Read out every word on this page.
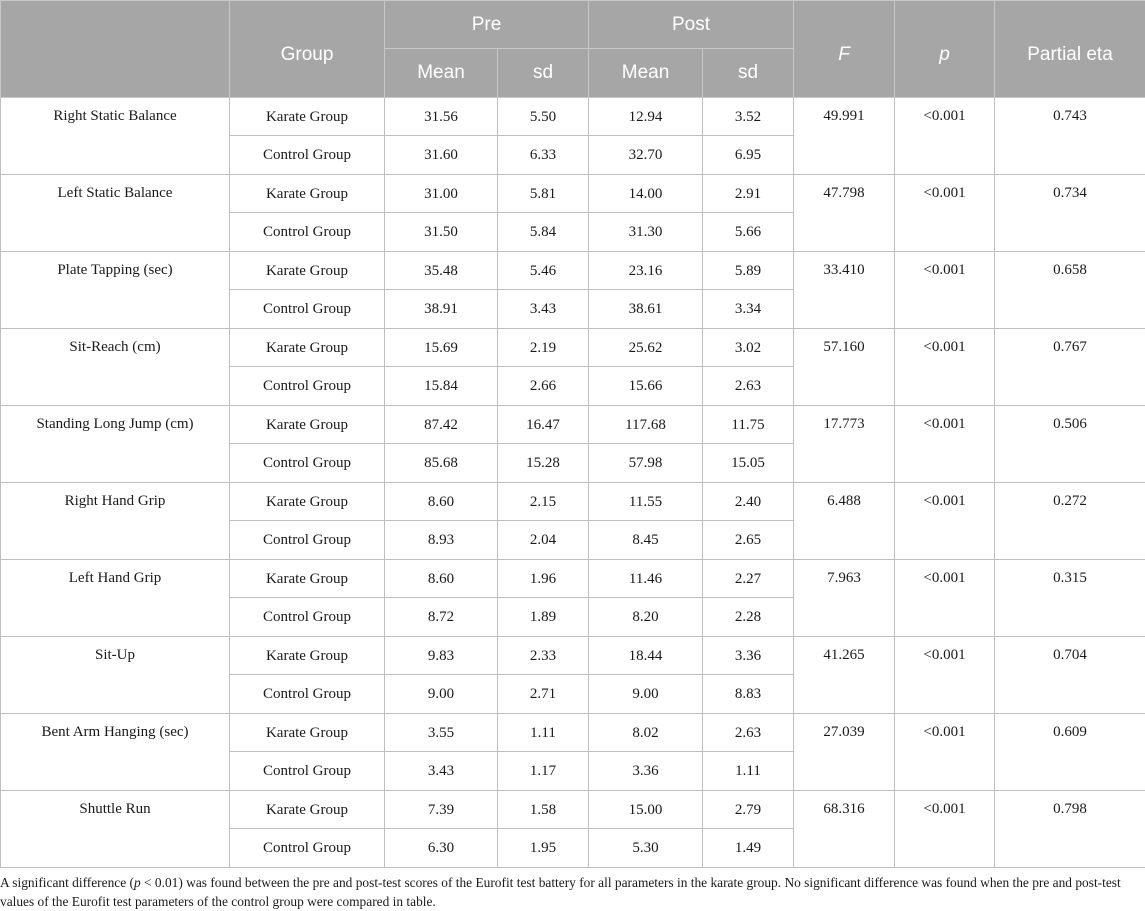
	Group	Pre		Post		F	p	Partial eta
		Mean	sd	Mean	sd			
Right Static Balance	Karate Group	31.56	5.50	12.94	3.52	49.991	<0.001	0.743
	Control Group	31.60	6.33	32.70	6.95			
Left Static Balance	Karate Group	31.00	5.81	14.00	2.91	47.798	<0.001	0.734
	Control Group	31.50	5.84	31.30	5.66			
Plate Tapping (sec)	Karate Group	35.48	5.46	23.16	5.89	33.410	<0.001	0.658
	Control Group	38.91	3.43	38.61	3.34			
Sit-Reach (cm)	Karate Group	15.69	2.19	25.62	3.02	57.160	<0.001	0.767
	Control Group	15.84	2.66	15.66	2.63			
Standing Long Jump (cm)	Karate Group	87.42	16.47	117.68	11.75	17.773	<0.001	0.506
	Control Group	85.68	15.28	57.98	15.05			
Right Hand Grip	Karate Group	8.60	2.15	11.55	2.40	6.488	<0.001	0.272
	Control Group	8.93	2.04	8.45	2.65			
Left Hand Grip	Karate Group	8.60	1.96	11.46	2.27	7.963	<0.001	0.315
	Control Group	8.72	1.89	8.20	2.28			
Sit-Up	Karate Group	9.83	2.33	18.44	3.36	41.265	<0.001	0.704
	Control Group	9.00	2.71	9.00	8.83			
Bent Arm Hanging (sec)	Karate Group	3.55	1.11	8.02	2.63	27.039	<0.001	0.609
	Control Group	3.43	1.17	3.36	1.11			
Shuttle Run	Karate Group	7.39	1.58	15.00	2.79	68.316	<0.001	0.798
	Control Group	6.30	1.95	5.30	1.49			

A significant difference (p < 0.01) was found between the pre and post-test scores of the Eurofit test battery for all parameters in the karate group. No significant difference was found when the pre and post-test values of the Eurofit test parameters of the control group were compared in table.
